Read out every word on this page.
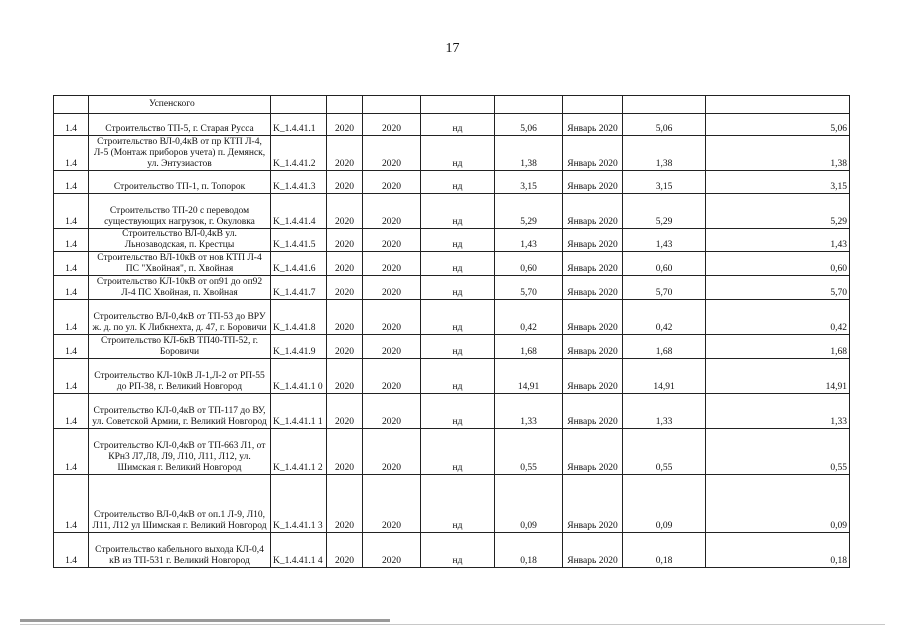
17
	Успенского								
1.4	Строительство ТП-5, г. Старая Русса	K_1.4.41.1	2020	2020	нд	5,06	Январь 2020	5,06	5,06
1.4	Строительство ВЛ-0,4кВ от пр КТП Л-4, Л-5 (Монтаж приборов учета) п. Демянск, ул. Энтузиастов	K_1.4.41.2	2020	2020	нд	1,38	Январь 2020	1,38	1,38
1.4	Строительство ТП-1, п. Топорок	K_1.4.41.3	2020	2020	нд	3,15	Январь 2020	3,15	3,15
1.4	Строительство ТП-20 с переводом существующих нагрузок, г. Окуловка	K_1.4.41.4	2020	2020	нд	5,29	Январь 2020	5,29	5,29
1.4	Строительство ВЛ-0,4кВ ул. Льнозаводская, п. Крестцы	K_1.4.41.5	2020	2020	нд	1,43	Январь 2020	1,43	1,43
1.4	Строительство ВЛ-10кВ от нов КТП Л-4 ПС "Хвойная", п. Хвойная	K_1.4.41.6	2020	2020	нд	0,60	Январь 2020	0,60	0,60
1.4	Строительство КЛ-10кВ от оп91 до оп92 Л-4 ПС Хвойная, п. Хвойная	K_1.4.41.7	2020	2020	нд	5,70	Январь 2020	5,70	5,70
1.4	Строительство ВЛ-0,4кВ от ТП-53 до ВРУ ж. д. по ул. К Либкнехта, д. 47, г. Боровичи	K_1.4.41.8	2020	2020	нд	0,42	Январь 2020	0,42	0,42
1.4	Строительство КЛ-6кВ ТП40-ТП-52, г. Боровичи	K_1.4.41.9	2020	2020	нд	1,68	Январь 2020	1,68	1,68
1.4	Строительство КЛ-10кВ Л-1,Л-2 от РП-55 до РП-38, г. Великий Новгород	K_1.4.41.1 0	2020	2020	нд	14,91	Январь 2020	14,91	14,91
1.4	Строительство КЛ-0,4кВ от ТП-117 до ВУ, ул. Советской Армии, г. Великий Новгород	K_1.4.41.1 1	2020	2020	нд	1,33	Январь 2020	1,33	1,33
1.4	Строительство КЛ-0,4кВ от ТП-663 Л1, от КРн3 Л7,Л8, Л9, Л10, Л11, Л12, ул. Шимская г. Великий Новгород	K_1.4.41.1 2	2020	2020	нд	0,55	Январь 2020	0,55	0,55
1.4	Строительство ВЛ-0,4кВ от оп.1 Л-9, Л10, Л11, Л12 ул Шимская г. Великий Новгород	K_1.4.41.1 3	2020	2020	нд	0,09	Январь 2020	0,09	0,09
1.4	Строительство кабельного выхода КЛ-0,4 кВ из ТП-531 г. Великий Новгород	K_1.4.41.1 4	2020	2020	нд	0,18	Январь 2020	0,18	0,18
